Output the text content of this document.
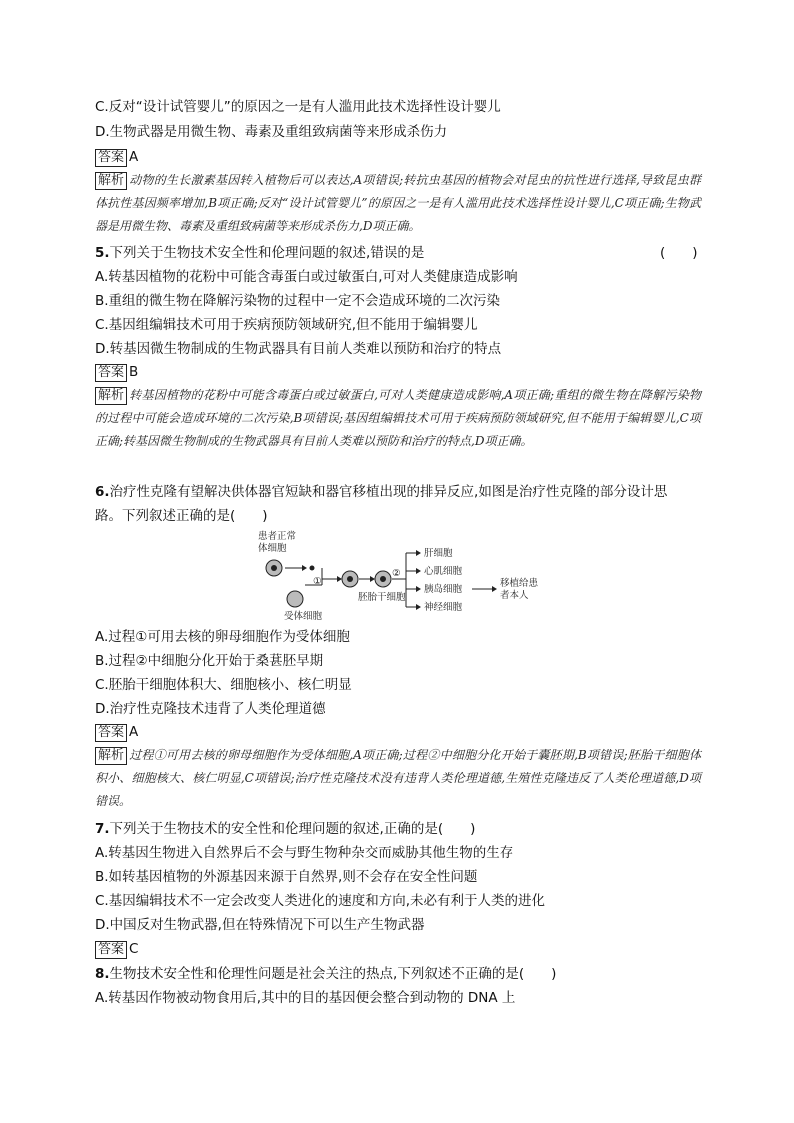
C.反对“设计试管婴儿”的原因之一是有人滥用此技术选择性设计婴儿
D.生物武器是用微生物、毒素及重组致病菌等来形成杀伤力
答案 A
解析 动物的生长激素基因转入植物后可以表达,A项错误;转抗虫基因的植物会对昆虫的抗性进行选择,导致昆虫群体抗性基因频率增加,B项正确;反对“设计试管婴儿”的原因之一是有人滥用此技术选择性设计婴儿,C项正确;生物武器是用微生物、毒素及重组致病菌等来形成杀伤力,D项正确。
5.下列关于生物技术安全性和伦理问题的叙述,错误的是	(　　)
A.转基因植物的花粉中可能含毒蛋白或过敏蛋白,可对人类健康造成影响
B.重组的微生物在降解污染物的过程中一定不会造成环境的二次污染
C.基因组编辑技术可用于疾病预防领域研究,但不能用于编辑婴儿
D.转基因微生物制成的生物武器具有目前人类难以预防和治疗的特点
答案 B
解析 转基因植物的花粉中可能含毒蛋白或过敏蛋白,可对人类健康造成影响,A项正确;重组的微生物在降解污染物的过程中可能会造成环境的二次污染,B项错误;基因组编辑技术可用于疾病预防领域研究,但不能用于编辑婴儿,C项正确;转基因微生物制成的生物武器具有目前人类难以预防和治疗的特点,D项正确。
6.治疗性克隆有望解决供体器官短缺和器官移植出现的排异反应,如图是治疗性克隆的部分设计思
路。下列叙述正确的是(　　)
患者正常
体细胞
受体细胞
①
胚胎干细胞
②
肝细胞
心肌细胞
胰岛细胞
神经细胞
移植给患
者本人
A.过程①可用去核的卵母细胞作为受体细胞
B.过程②中细胞分化开始于桑葚胚早期
C.胚胎干细胞体积大、细胞核小、核仁明显
D.治疗性克隆技术违背了人类伦理道德
答案 A
解析 过程①可用去核的卵母细胞作为受体细胞,A项正确;过程②中细胞分化开始于囊胚期,B项错误;胚胎干细胞体积小、细胞核大、核仁明显,C项错误;治疗性克隆技术没有违背人类伦理道德,生殖性克隆违反了人类伦理道德,D项错误。
7.下列关于生物技术的安全性和伦理问题的叙述,正确的是(　　)
A.转基因生物进入自然界后不会与野生物种杂交而威胁其他生物的生存
B.如转基因植物的外源基因来源于自然界,则不会存在安全性问题
C.基因编辑技术不一定会改变人类进化的速度和方向,未必有利于人类的进化
D.中国反对生物武器,但在特殊情况下可以生产生物武器
答案 C
8.生物技术安全性和伦理性问题是社会关注的热点,下列叙述不正确的是(　　)
A.转基因作物被动物食用后,其中的目的基因便会整合到动物的 DNA 上
